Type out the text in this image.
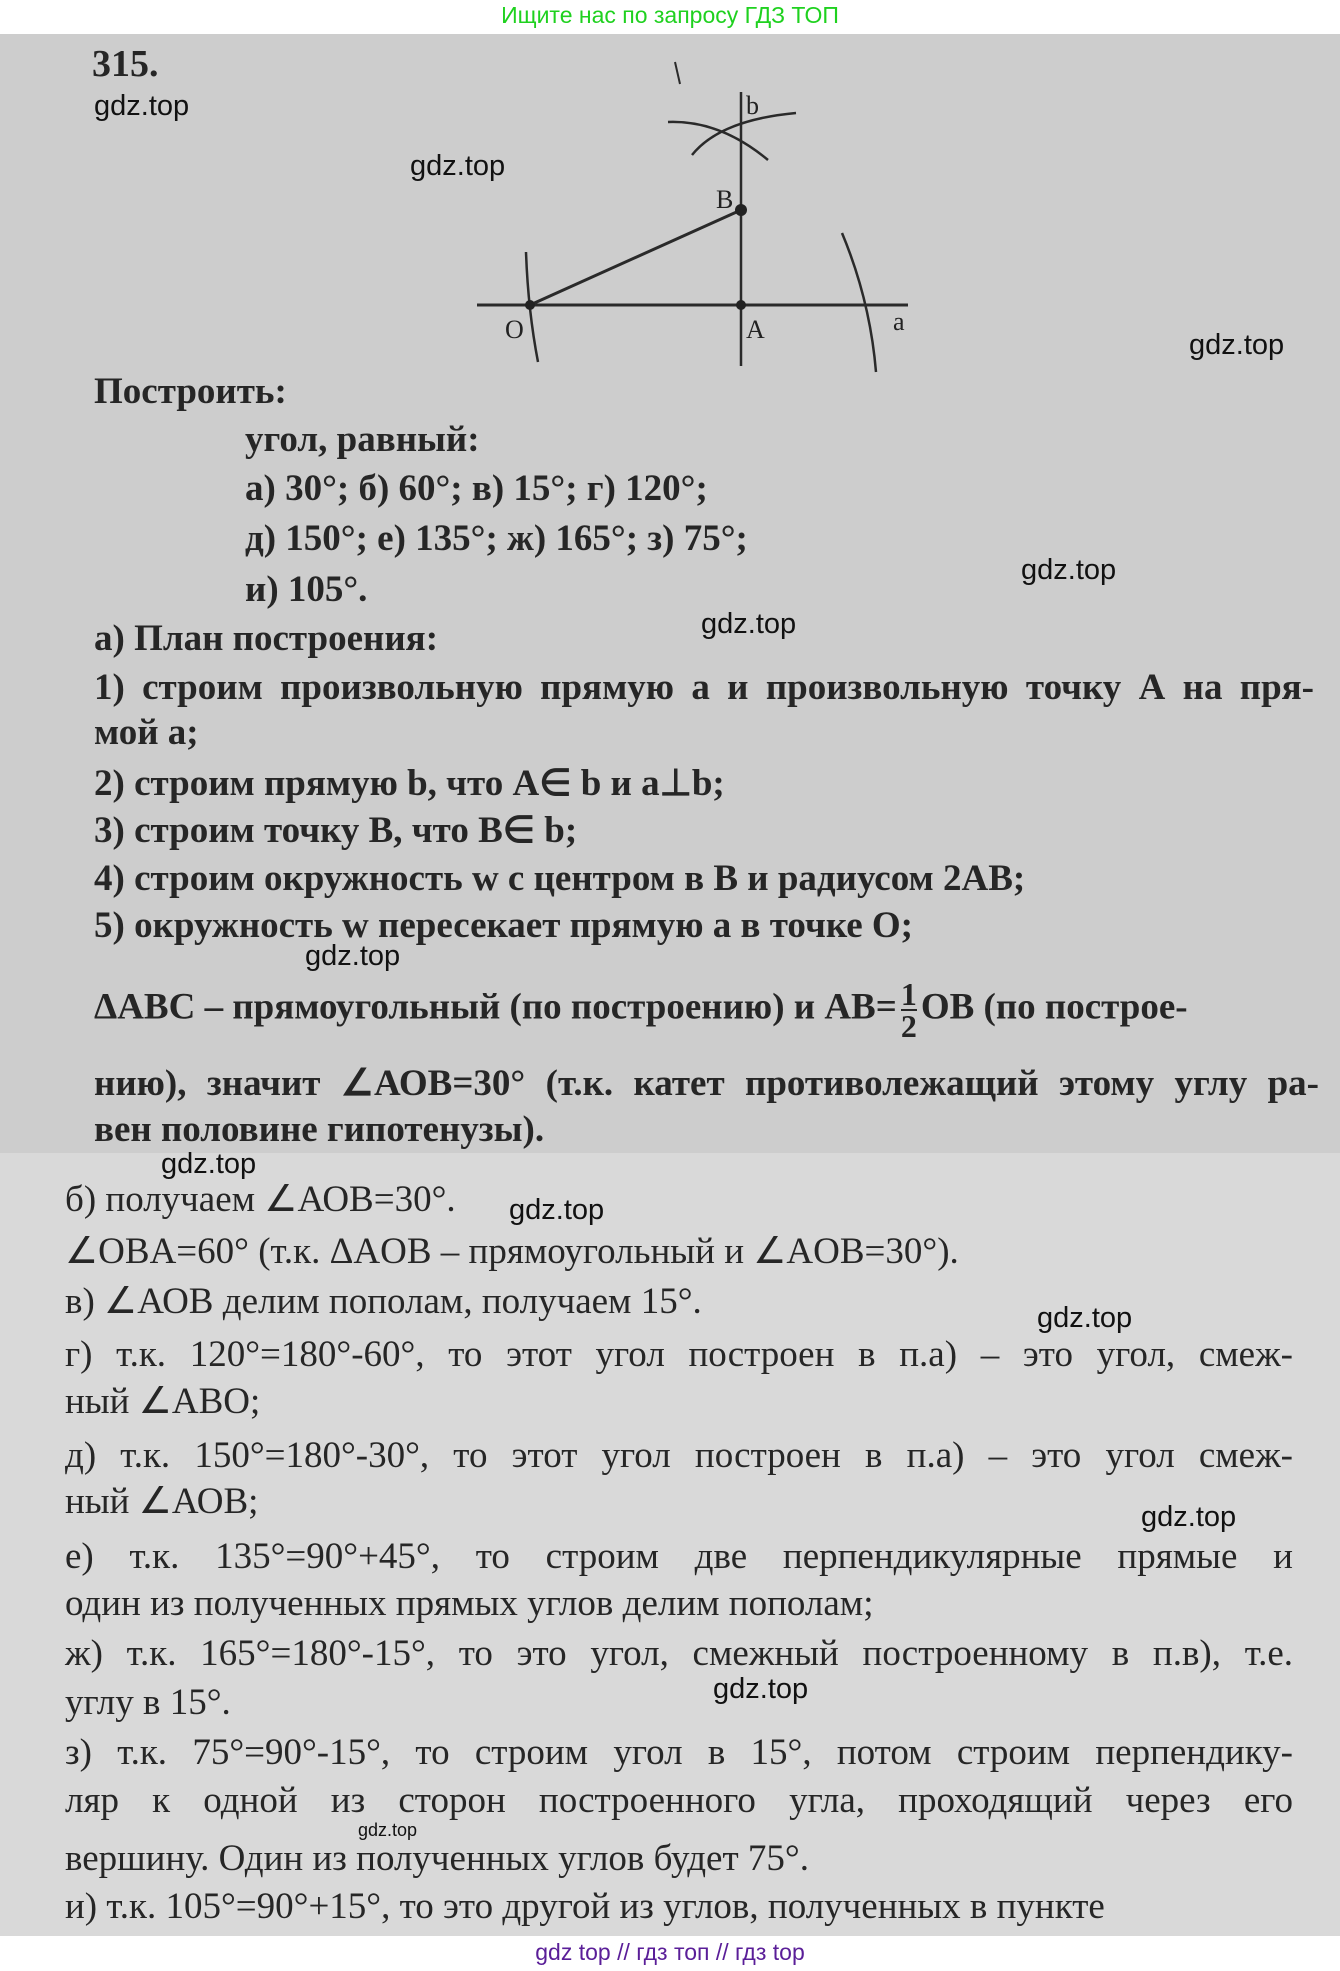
Ищите нас по запросу ГДЗ ТОП
315.
O	A
B
a
b
Построить:
угол, равный:
а) 30°; б) 60°; в) 15°; г) 120°;
д) 150°; е) 135°; ж) 165°; з) 75°;
и) 105°.
а) План построения:
1) строим произвольную прямую a и произвольную точку А на пря-
мой a;
2) строим прямую b, что А∈ b и a⊥b;
3) строим точку В, что В∈ b;
4) строим окружность w с центром в В и радиусом 2АВ;
5) окружность w пересекает прямую a в точке О;
ΔАВС – прямоугольный (по построению) и $АВ= \frac{1}{2}$ ОВ (по построе-
нию), значит ∠АОВ=30° (т.к. катет противолежащий этому углу ра-
вен половине гипотенузы).
б) получаем ∠АОВ=30°.
∠OBA=60° (т.к. ΔAOB – прямоугольный и ∠AOB=30°).
в) ∠АОВ делим пополам, получаем 15°.
г) т.к. 120°=180°-60°, то этот угол построен в п.а) – это угол, смеж-
ный ∠АВО;
д) т.к. 150°=180°-30°, то этот угол построен в п.а) – это угол смеж-
ный ∠АОВ;
е) т.к. 135°=90°+45°, то строим две перпендикулярные прямые и
один из полученных прямых углов делим пополам;
ж) т.к. 165°=180°-15°, то это угол, смежный построенному в п.в), т.е.
углу в 15°.
з) т.к. 75°=90°-15°, то строим угол в 15°, потом строим перпендику-
ляр к одной из сторон построенного угла, проходящий через его
вершину. Один из полученных углов будет 75°.
и) т.к. 105°=90°+15°, то это другой из углов, полученных в пункте
gdz.top
gdz.top
gdz.top
gdz.top
gdz.top
gdz.top
gdz.top
gdz.top
gdz.top
gdz.top
gdz.top
gdz.top
gdz top // гдз топ // гдз top
